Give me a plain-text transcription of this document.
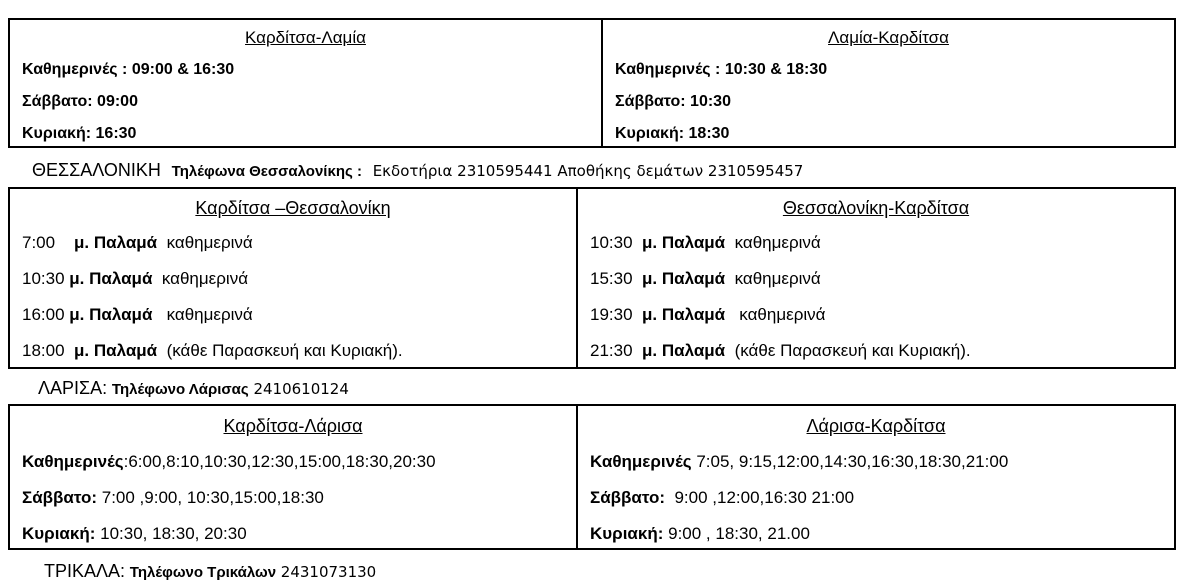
Καρδίτσα-Λαμία
Καθημερινές : 09:00 & 16:30
Σάββατο: 09:00
Κυριακή: 16:30
Λαμία-Καρδίτσα
Καθημερινές : 10:30 & 18:30
Σάββατο: 10:30
Κυριακή: 18:30
ΘΕΣΣΑΛΟΝΙΚΗ Τηλέφωνα Θεσσαλονίκης : Εκδοτήρια 2310595441 Αποθήκης δεμάτων 2310595457
Καρδίτσα –Θεσσαλονίκη
7:00 μ. Παλαμά καθημερινά
10:30 μ. Παλαμά καθημερινά
16:00 μ. Παλαμά καθημερινά
18:00 μ. Παλαμά (κάθε Παρασκευή και Κυριακή).
Θεσσαλονίκη-Καρδίτσα
10:30 μ. Παλαμά καθημερινά
15:30 μ. Παλαμά καθημερινά
19:30 μ. Παλαμά καθημερινά
21:30 μ. Παλαμά (κάθε Παρασκευή και Κυριακή).
ΛΑΡΙΣΑ: Τηλέφωνο Λάρισας 2410610124
Καρδίτσα-Λάρισα
Καθημερινές:6:00,8:10,10:30,12:30,15:00,18:30,20:30
Σάββατο: 7:00 ,9:00, 10:30,15:00,18:30
Κυριακή: 10:30, 18:30, 20:30
Λάρισα-Καρδίτσα
Καθημερινές 7:05, 9:15,12:00,14:30,16:30,18:30,21:00
Σάββατο: 9:00 ,12:00,16:30 21:00
Κυριακή: 9:00 , 18:30, 21.00
ΤΡΙΚΑΛΑ: Τηλέφωνο Τρικάλων 2431073130
